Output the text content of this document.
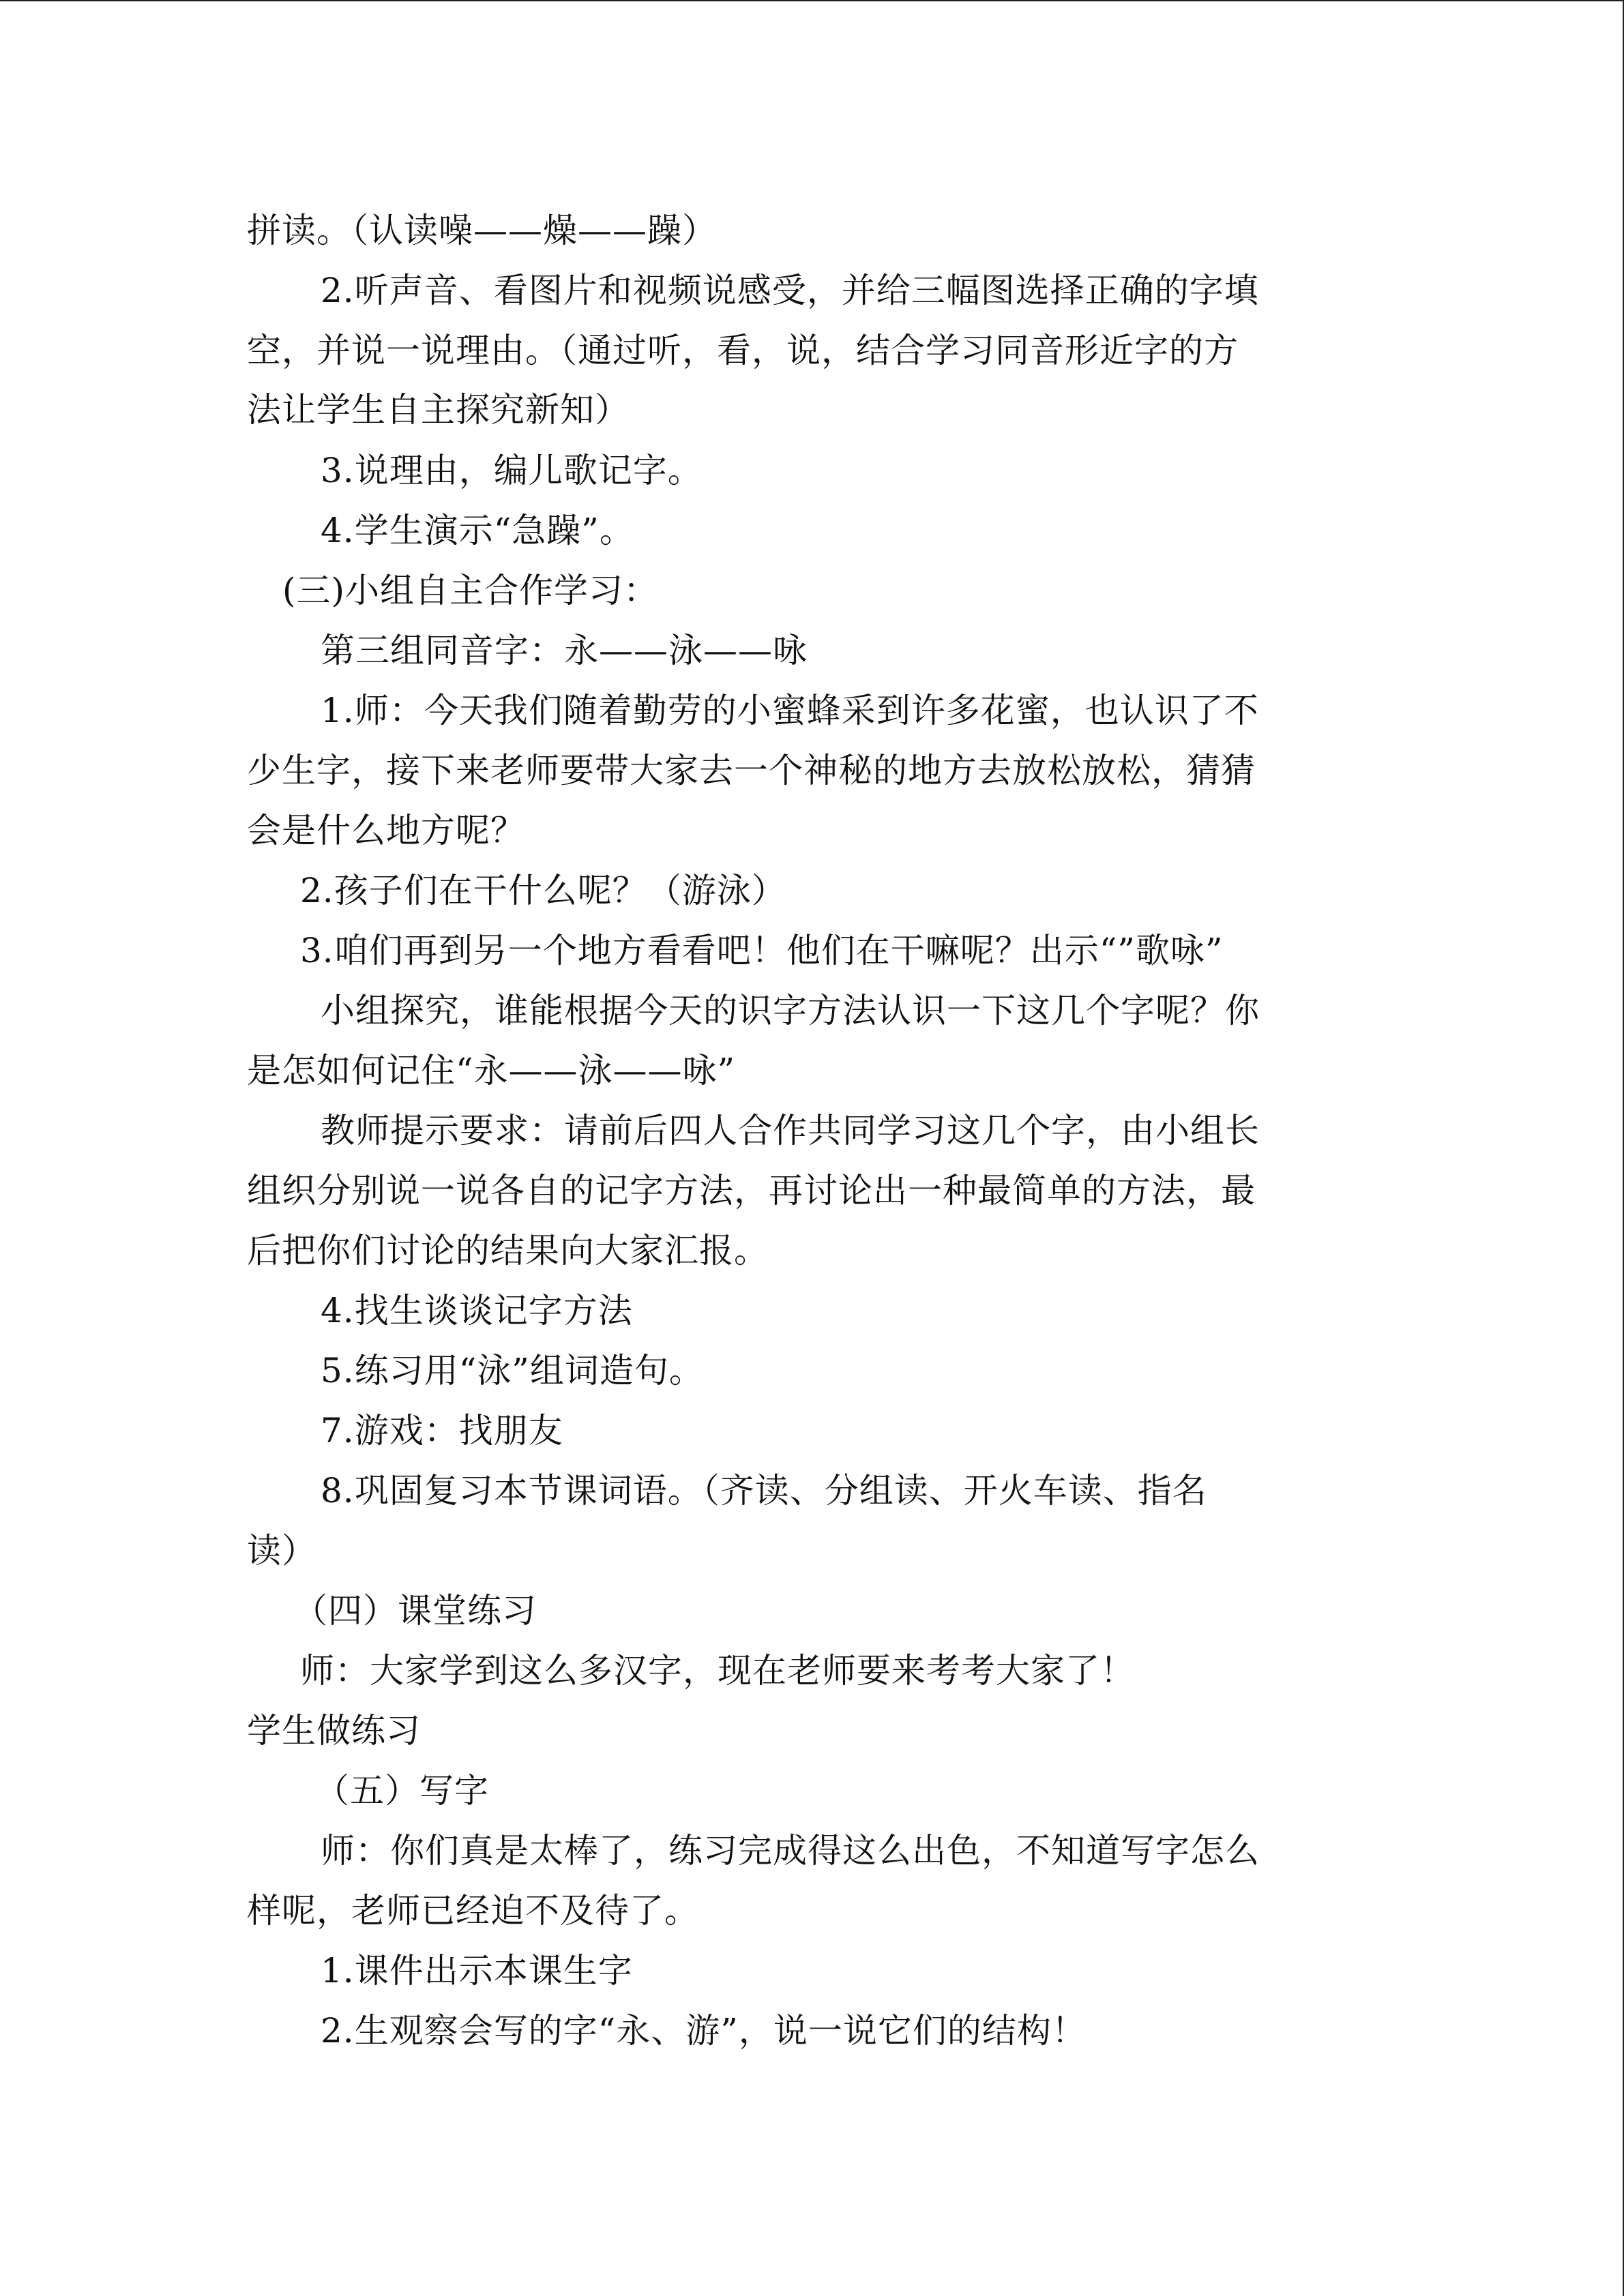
拼读。（认读噪——燥——躁）
2.听声音、看图片和视频说感受，并给三幅图选择正确的字填
空，并说一说理由。（通过听，看，说，结合学习同音形近字的方
法让学生自主探究新知）
3.说理由，编儿歌记字。
4.学生演示“急躁”。
(三)小组自主合作学习：
第三组同音字：永——泳——咏
1.师：今天我们随着勤劳的小蜜蜂采到许多花蜜，也认识了不
少生字，接下来老师要带大家去一个神秘的地方去放松放松，猜猜
会是什么地方呢？
2.孩子们在干什么呢？（游泳）
3.咱们再到另一个地方看看吧！他们在干嘛呢？出示“”歌咏”
小组探究，谁能根据今天的识字方法认识一下这几个字呢？你
是怎如何记住“永——泳——咏”
教师提示要求：请前后四人合作共同学习这几个字，由小组长
组织分别说一说各自的记字方法，再讨论出一种最简单的方法，最
后把你们讨论的结果向大家汇报。
4.找生谈谈记字方法
5.练习用“泳”组词造句。
7.游戏：找朋友
8.巩固复习本节课词语。（齐读、分组读、开火车读、指名
读）
（四）课堂练习
师：大家学到这么多汉字，现在老师要来考考大家了！
学生做练习
（五）写字
师：你们真是太棒了，练习完成得这么出色，不知道写字怎么
样呢，老师已经迫不及待了。
1.课件出示本课生字
2.生观察会写的字“永、游”，说一说它们的结构！
